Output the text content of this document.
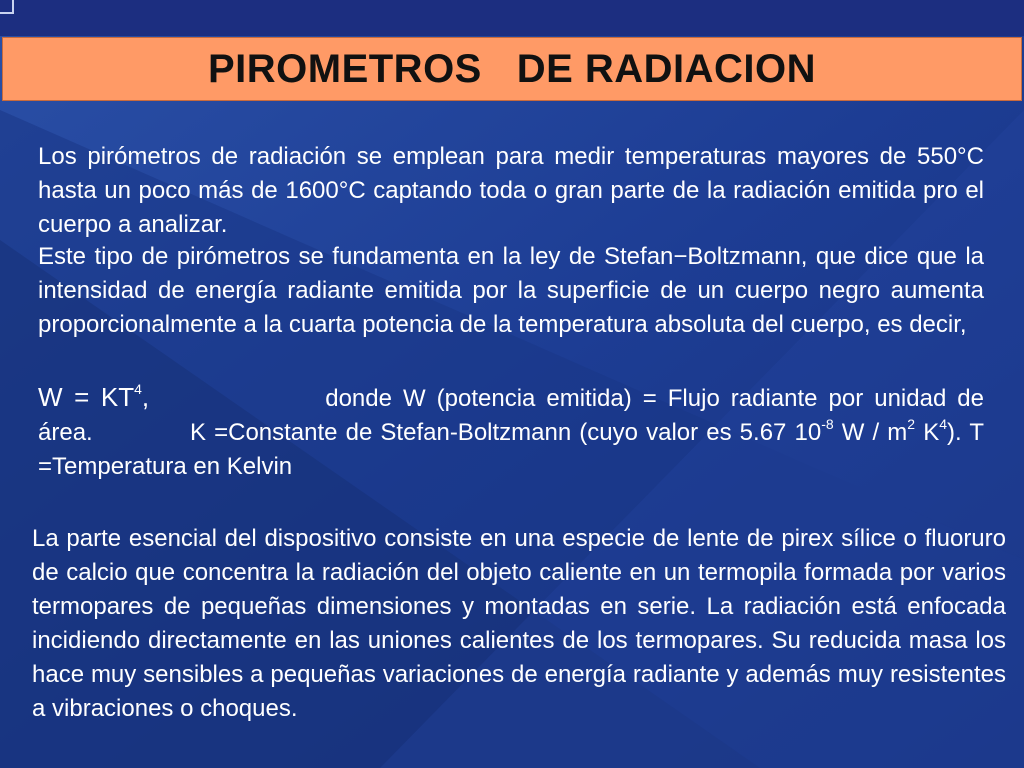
PIROMETROS   DE RADIACION

Los pirómetros de radiación se emplean para medir temperaturas mayores de 550°C hasta un poco más de 1600°C captando toda o gran parte de la radiación emitida pro el cuerpo a analizar.

Este tipo de pirómetros se fundamenta en la ley de Stefan−Boltzmann, que dice que la intensidad de energía radiante emitida por la superficie de un cuerpo negro aumenta proporcionalmente a la cuarta potencia de la temperatura absoluta del cuerpo, es decir,

$W = KT^4$,	donde W (potencia emitida) = Flujo radiante por unidad de área.	K =Constante de Stefan-Boltzmann (cuyo valor es 5.67 $10^{-8}$ W / $m^2$ $K^4$). T =Temperatura en Kelvin

La parte esencial del dispositivo consiste en una especie de lente de pirex sílice o fluoruro de calcio que concentra la radiación del objeto caliente en un termopila formada por varios termopares de pequeñas dimensiones y montadas en serie. La radiación está enfocada incidiendo directamente en las uniones calientes de los termopares. Su reducida masa los hace muy sensibles a pequeñas variaciones de energía radiante y además muy resistentes a vibraciones o choques.
